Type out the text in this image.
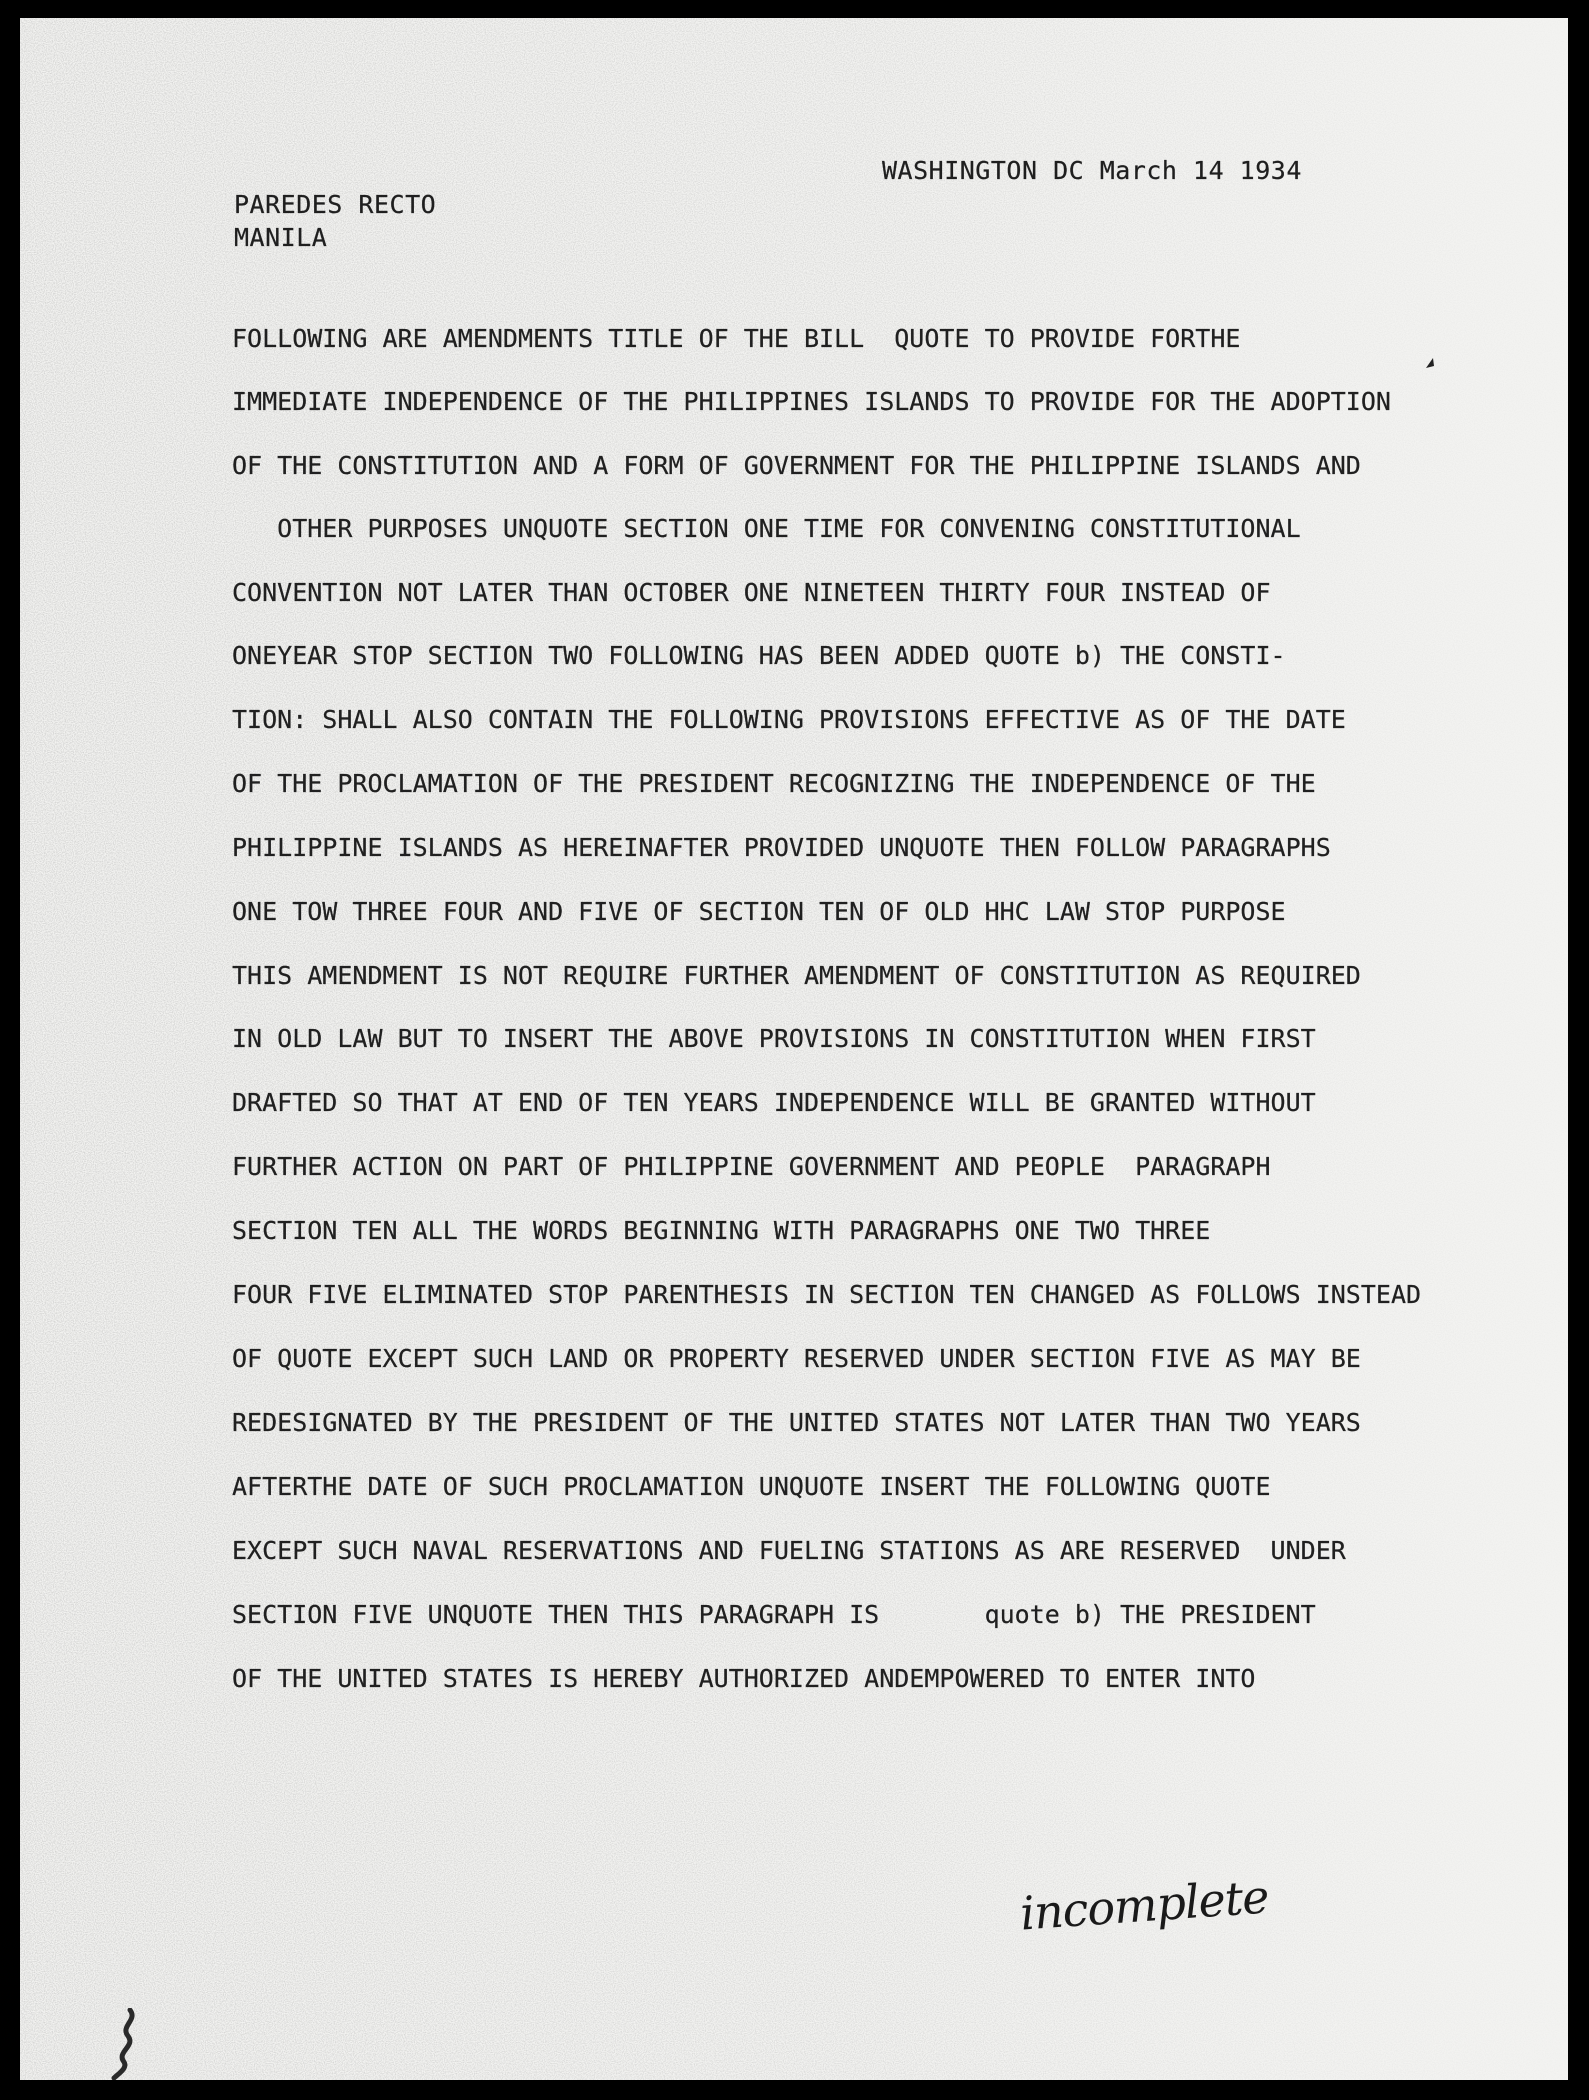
WASHINGTON DC March 14 1934
PAREDES RECTO
MANILA
FOLLOWING ARE AMENDMENTS TITLE OF THE BILL  QUOTE TO PROVIDE FORTHE
IMMEDIATE INDEPENDENCE OF THE PHILIPPINES ISLANDS TO PROVIDE FOR THE ADOPTION
OF THE CONSTITUTION AND A FORM OF GOVERNMENT FOR THE PHILIPPINE ISLANDS AND
OTHER PURPOSES UNQUOTE SECTION ONE TIME FOR CONVENING CONSTITUTIONAL
CONVENTION NOT LATER THAN OCTOBER ONE NINETEEN THIRTY FOUR INSTEAD OF
ONEYEAR STOP SECTION TWO FOLLOWING HAS BEEN ADDED QUOTE b) THE CONSTI-
TION: SHALL ALSO CONTAIN THE FOLLOWING PROVISIONS EFFECTIVE AS OF THE DATE
OF THE PROCLAMATION OF THE PRESIDENT RECOGNIZING THE INDEPENDENCE OF THE
PHILIPPINE ISLANDS AS HEREINAFTER PROVIDED UNQUOTE THEN FOLLOW PARAGRAPHS
ONE TOW THREE FOUR AND FIVE OF SECTION TEN OF OLD HHC LAW STOP PURPOSE
THIS AMENDMENT IS NOT REQUIRE FURTHER AMENDMENT OF CONSTITUTION AS REQUIRED
IN OLD LAW BUT TO INSERT THE ABOVE PROVISIONS IN CONSTITUTION WHEN FIRST
DRAFTED SO THAT AT END OF TEN YEARS INDEPENDENCE WILL BE GRANTED WITHOUT
FURTHER ACTION ON PART OF PHILIPPINE GOVERNMENT AND PEOPLE  PARAGRAPH
SECTION TEN ALL THE WORDS BEGINNING WITH PARAGRAPHS ONE TWO THREE
FOUR FIVE ELIMINATED STOP PARENTHESIS IN SECTION TEN CHANGED AS FOLLOWS INSTEAD
OF QUOTE EXCEPT SUCH LAND OR PROPERTY RESERVED UNDER SECTION FIVE AS MAY BE
REDESIGNATED BY THE PRESIDENT OF THE UNITED STATES NOT LATER THAN TWO YEARS
AFTERTHE DATE OF SUCH PROCLAMATION UNQUOTE INSERT THE FOLLOWING QUOTE
EXCEPT SUCH NAVAL RESERVATIONS AND FUELING STATIONS AS ARE RESERVED  UNDER
SECTION FIVE UNQUOTE THEN THIS PARAGRAPH IS       quote b) THE PRESIDENT
OF THE UNITED STATES IS HEREBY AUTHORIZED ANDEMPOWERED TO ENTER INTO
incomplete
